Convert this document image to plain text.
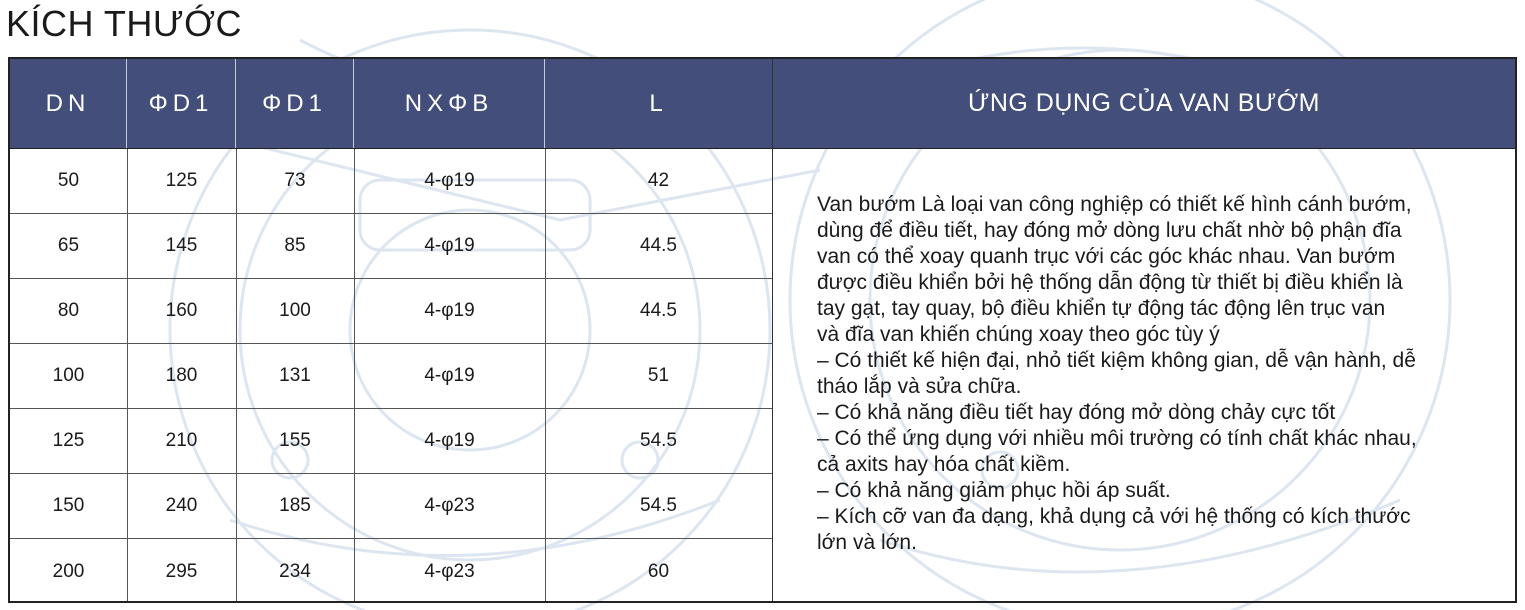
KÍCH THƯỚC
DN	ΦD1	ΦD1	NXΦB	L
50	125	73	4-φ19	42
65	145	85	4-φ19	44.5
80	160	100	4-φ19	44.5
100	180	131	4-φ19	51
125	210	155	4-φ19	54.5
150	240	185	4-φ23	54.5
200	295	234	4-φ23	60
ỨNG DỤNG CỦA VAN BƯỚM
Van bướm Là loại van công nghiệp có thiết kế hình cánh bướm,
dùng để điều tiết, hay đóng mở dòng lưu chất nhờ bộ phận đĩa
van có thể xoay quanh trục với các góc khác nhau. Van bướm
được điều khiển bởi hệ thống dẫn động từ thiết bị điều khiển là
tay gạt, tay quay, bộ điều khiển tự động tác động lên trục van
và đĩa van khiến chúng xoay theo góc tùy ý
– Có thiết kế hiện đại, nhỏ tiết kiệm không gian, dễ vận hành, dễ
tháo lắp và sửa chữa.
– Có khả năng điều tiết hay đóng mở dòng chảy cực tốt
– Có thể ứng dụng với nhiều môi trường có tính chất khác nhau,
cả axits hay hóa chất kiềm.
– Có khả năng giảm phục hồi áp suất.
– Kích cỡ van đa dạng, khả dụng cả với hệ thống có kích thước
lớn và lớn.
